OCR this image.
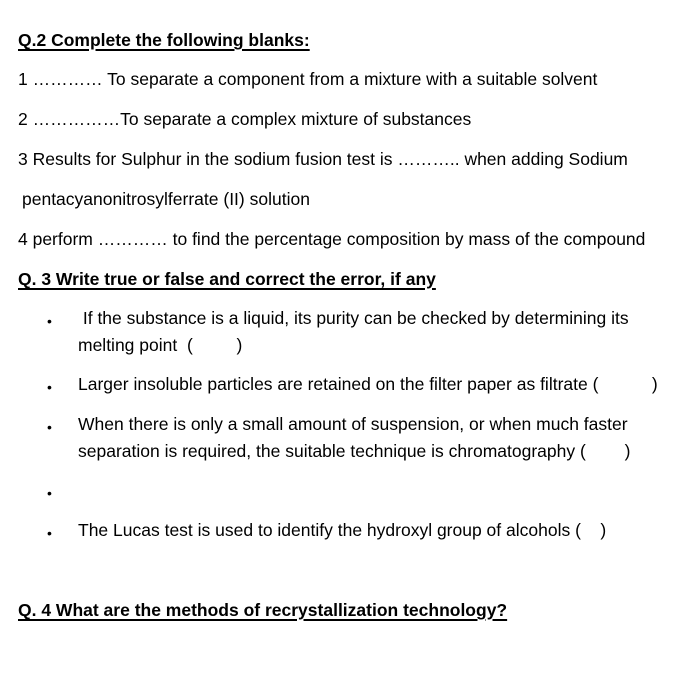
Q.2 Complete the following blanks:
1 ………… To separate a component from a mixture with a suitable solvent
2 ……………To separate a complex mixture of substances
3 Results for Sulphur in the sodium fusion test is ……….. when adding Sodium
pentacyanonitrosylferrate (II) solution
4 perform ………… to find the percentage composition by mass of the compound
Q. 3 Write true or false and correct the error, if any
• If the substance is a liquid, its purity can be checked by determining its
melting point  (         )
• Larger insoluble particles are retained on the filter paper as filtrate (           )
• When there is only a small amount of suspension, or when much faster
separation is required, the suitable technique is chromatography (        )
•
• The Lucas test is used to identify the hydroxyl group of alcohols (    )
Q. 4 What are the methods of recrystallization technology?
